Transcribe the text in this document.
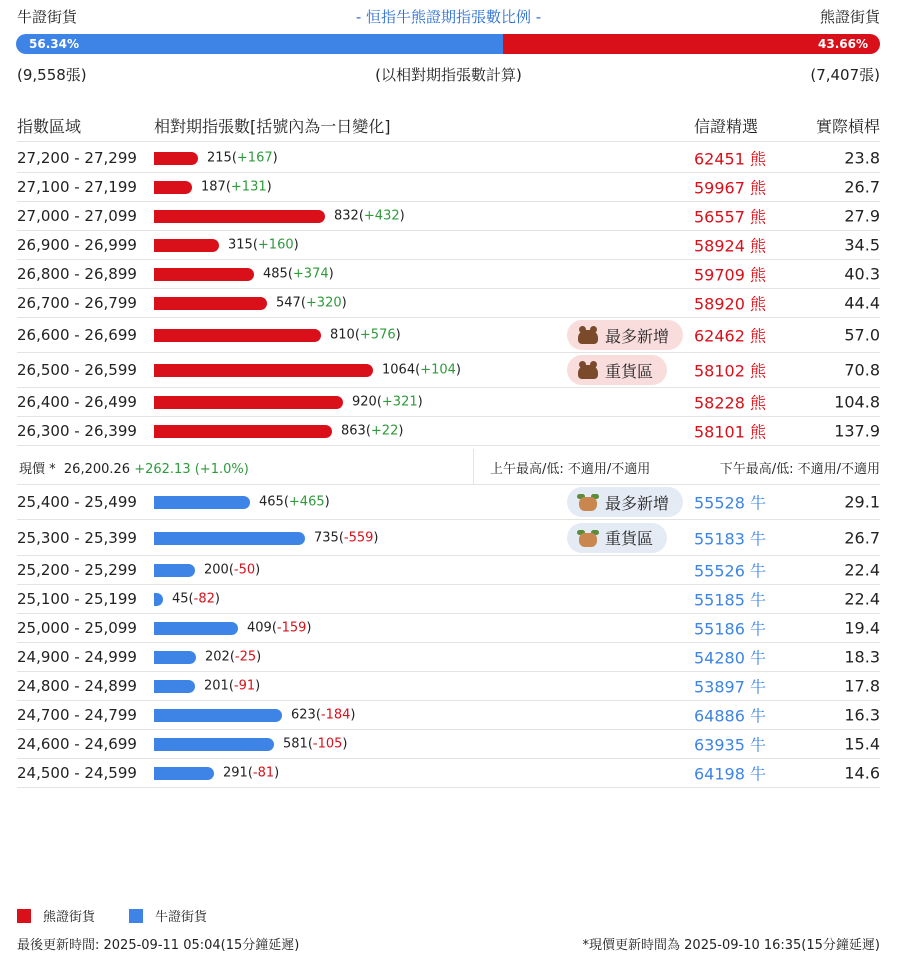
牛證街貨	- 恒指牛熊證期指張數比例 -	熊證街貨
56.34%	43.66%
(9,558張)	(以相對期指張數計算)	(7,407張)
指數區域	相對期指張數[括號內為一日變化]	信證精選	實際槓桿
27,200 - 27,299	215(+167)	62451 熊	23.8
27,100 - 27,199	187(+131)	59967 熊	26.7
27,000 - 27,099	832(+432)	56557 熊	27.9
26,900 - 26,999	315(+160)	58924 熊	34.5
26,800 - 26,899	485(+374)	59709 熊	40.3
26,700 - 26,799	547(+320)	58920 熊	44.4
26,600 - 26,699	810(+576)	最多新增 62462 熊	57.0
26,500 - 26,599	1064(+104)	重貨區	58102 熊	70.8
26,400 - 26,499	920(+321)	58228 熊	104.8
26,300 - 26,399	863(+22)	58101 熊	137.9
現價 * 26,200.26 +262.13 (+1.0%)	上午最高/低: 不適用/不適用	下午最高/低: 不適用/不適用
25,400 - 25,499	465(+465)	最多新增 55528 牛	29.1
25,300 - 25,399	735(-559)	重貨區	55183 牛	26.7
25,200 - 25,299	200(-50)	55526 牛	22.4
25,100 - 25,199	45(-82)	55185 牛	22.4
25,000 - 25,099	409(-159)	55186 牛	19.4
24,900 - 24,999	202(-25)	54280 牛	18.3
24,800 - 24,899	201(-91)	53897 牛	17.8
24,700 - 24,799	623(-184)	64886 牛	16.3
24,600 - 24,699	581(-105)	63935 牛	15.4
24,500 - 24,599	291(-81)	64198 牛	14.6
熊證街貨	牛證街貨
最後更新時間: 2025-09-11 05:04(15分鐘延遲)	*現價更新時間為 2025-09-10 16:35(15分鐘延遲)
